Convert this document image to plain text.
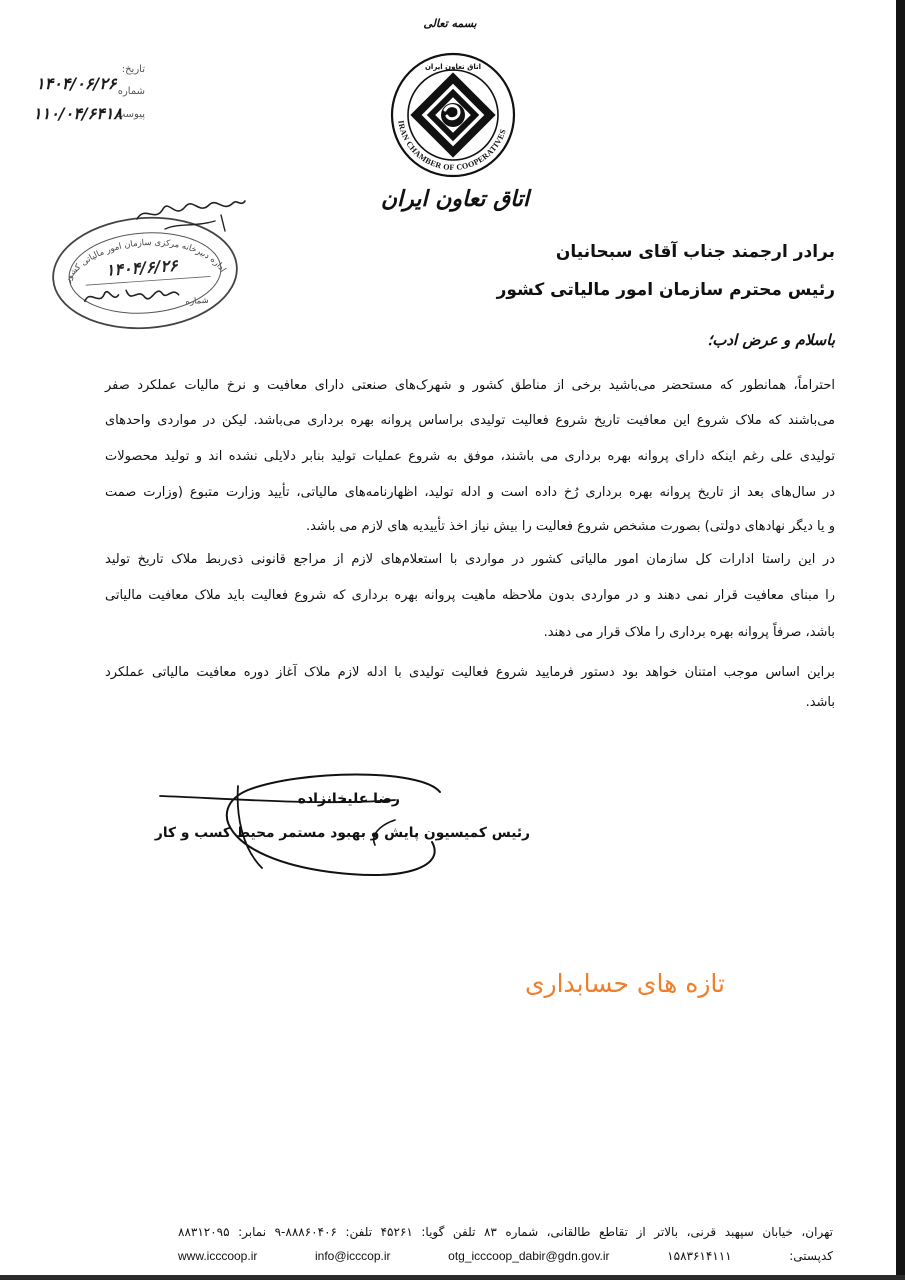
بسمه تعالی
اتاق تعاون ایران
IRAN CHAMBER OF COOPERATIVES
اتاق تعاون ایران
تاریخ:
شماره
پیوست
۱۴۰۴/۰۶/۲۶
۱۱۰/۰۴/۶۴۱۸
اداره دبیرخانه مرکزی سازمان امور مالیاتی کشور
۱۴۰۴/۶/۲۶
شماره
برادر ارجمند جناب آقای سبحانیان
رئیس محترم سازمان امور مالیاتی کشور
باسلام و عرض ادب؛
احتراماً، همانطور که مستحضر می‌باشید برخی از مناطق کشور و شهرک‌های صنعتی دارای معافیت و نرخ مالیات عملکرد صفر
می‌باشند که ملاک شروع این معافیت تاریخ شروع فعالیت تولیدی براساس پروانه بهره برداری می‌باشد. لیکن در مواردی واحدهای
تولیدی علی رغم اینکه دارای پروانه بهره برداری می باشند، موفق به شروع عملیات تولید بنابر دلایلی نشده اند و تولید محصولات
در سال‌های بعد از تاریخ پروانه بهره برداری رُخ داده است و ادله تولید، اظهارنامه‌های مالیاتی، تأیید وزارت متبوع (وزارت صمت
و یا دیگر نهادهای دولتی) بصورت مشخص شروع فعالیت را بیش نیاز اخذ تأییدیه های لازم می باشد.
در این راستا ادارات کل سازمان امور مالیاتی کشور در مواردی با استعلام‌های لازم از مراجع قانونی ذی‌ربط ملاک تاریخ تولید
را مبنای معافیت قرار نمی دهند و در مواردی بدون ملاحظه ماهیت پروانه بهره برداری که شروع فعالیت باید ملاک معافیت مالیاتی
باشد، صرفاً پروانه بهره برداری را ملاک قرار می دهند.
براین اساس موجب امتنان خواهد بود دستور فرمایید شروع فعالیت تولیدی با ادله لازم ملاک آغاز دوره معافیت مالیاتی عملکرد
باشد.
رضا علیخانزاده
رئیس کمیسیون پایش و بهبود مستمر محیط کسب و کار
تازه های حسابداری
تهران، خیابان سپهبد قرنی، بالاتر از تقاطع طالقانی، شماره ۸۳ تلفن گویا: ۴۵۲۶۱ تلفن: ۸۸۸۶۰۴۰۶-۹ نمابر: ۸۸۳۱۲۰۹۵
کدپستی: ۱۵۸۳۶۱۴۱۱۱ otg_icccoop_dabir@gdn.gov.ir info@icccop.ir www.icccoop.ir
